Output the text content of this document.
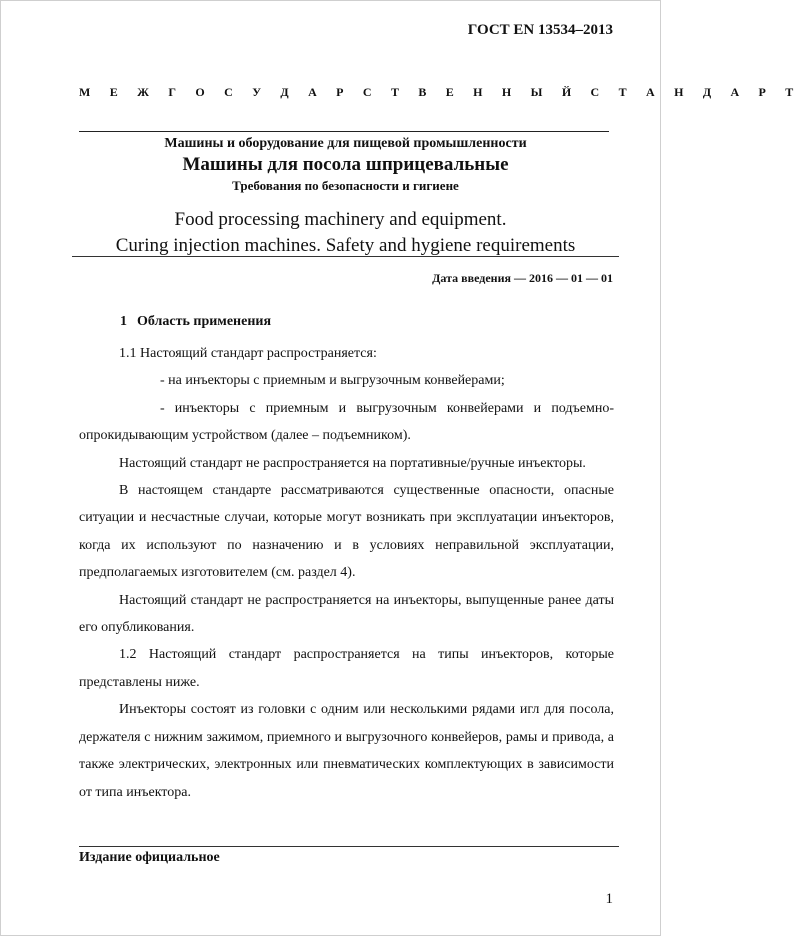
ГОСТ EN 13534–2013
М Е Ж Г О С У Д А Р С Т В Е Н Н Ы Й С Т А Н Д А Р Т
Машины и оборудование для пищевой промышленности
Машины для посола шприцевальные
Требования по безопасности и гигиене
Food processing machinery and equipment.
Curing injection machines. Safety and hygiene requirements
Дата введения — 2016 — 01 — 01
1 Область применения

1.1 Настоящий стандарт распространяется:

- на инъекторы с приемным и выгрузочным конвейерами;

- инъекторы с приемным и выгрузочным конвейерами и подъемно-опрокидывающим устройством (далее – подъемником).

Настоящий стандарт не распространяется на портативные/ручные инъекторы.

В настоящем стандарте рассматриваются существенные опасности, опасные ситуации и несчастные случаи, которые могут возникать при эксплуатации инъекторов, когда их используют по назначению и в условиях неправильной эксплуатации, предполагаемых изготовителем (см. раздел 4).

Настоящий стандарт не распространяется на инъекторы, выпущенные ранее даты его опубликования.

1.2 Настоящий стандарт распространяется на типы инъекторов, которые представлены ниже.

Инъекторы состоят из головки с одним или несколькими рядами игл для посола, держателя с нижним зажимом, приемного и выгрузочного конвейеров, рамы и привода, а также электрических, электронных или пневматических комплектующих в зависимости от типа инъектора.

Издание официальное
1
